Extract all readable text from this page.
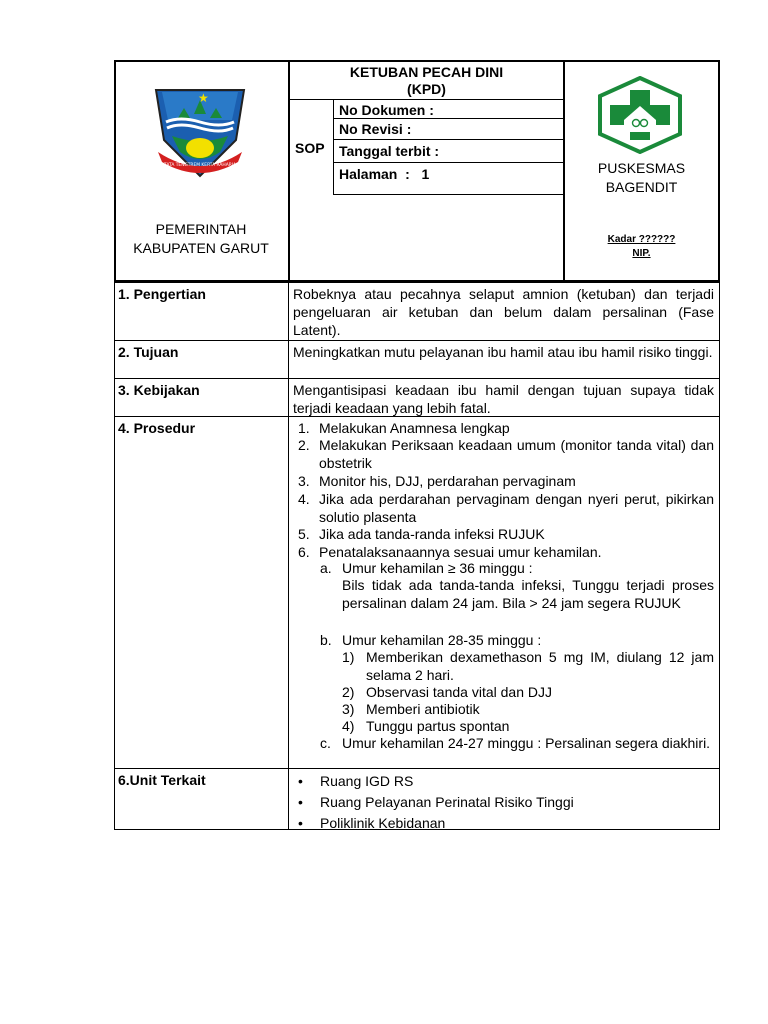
★
TATA TENGTREM KERTA RAHARJA
PEMERINTAH
KABUPATEN GARUT
KETUBAN PECAH DINI
(KPD)
SOP
No Dokumen :
No Revisi :
Tanggal terbit :
Halaman  :   1	PUSKESMAS
BAGENDIT
Kadar ??????
NIP.
1. Pengertian	Robeknya atau pecahnya selaput amnion (ketuban) dan terjadi pengeluaran air ketuban dan belum dalam persalinan (Fase Latent).
2. Tujuan	Meningkatkan mutu pelayanan ibu hamil atau ibu hamil risiko tinggi.
3. Kebijakan	Mengantisipasi keadaan ibu hamil dengan tujuan supaya tidak terjadi keadaan yang lebih fatal.
4. Prosedur	1. Melakukan Anamnesa lengkap
2. Melakukan Periksaan keadaan umum (monitor tanda vital) dan obstetrik
3. Monitor his, DJJ, perdarahan pervaginam
4. Jika ada perdarahan pervaginam dengan nyeri perut, pikirkan solutio plasenta
5. Jika ada tanda-randa infeksi RUJUK
6. Penatalaksanaannya sesuai umur kehamilan.
a. Umur kehamilan ≥ 36 minggu :
Bils tidak ada tanda-tanda infeksi, Tunggu terjadi proses persalinan dalam 24 jam. Bila > 24 jam segera RUJUK
b. Umur kehamilan 28-35 minggu :
1) Memberikan dexamethason 5 mg IM, diulang 12 jam selama 2 hari.
2) Observasi tanda vital dan DJJ
3) Memberi antibiotik
4) Tunggu partus spontan
c. Umur kehamilan 24-27 minggu : Persalinan segera diakhiri.
6.Unit Terkait	• Ruang IGD RS
• Ruang Pelayanan Perinatal Risiko Tinggi
• Poliklinik Kebidanan
